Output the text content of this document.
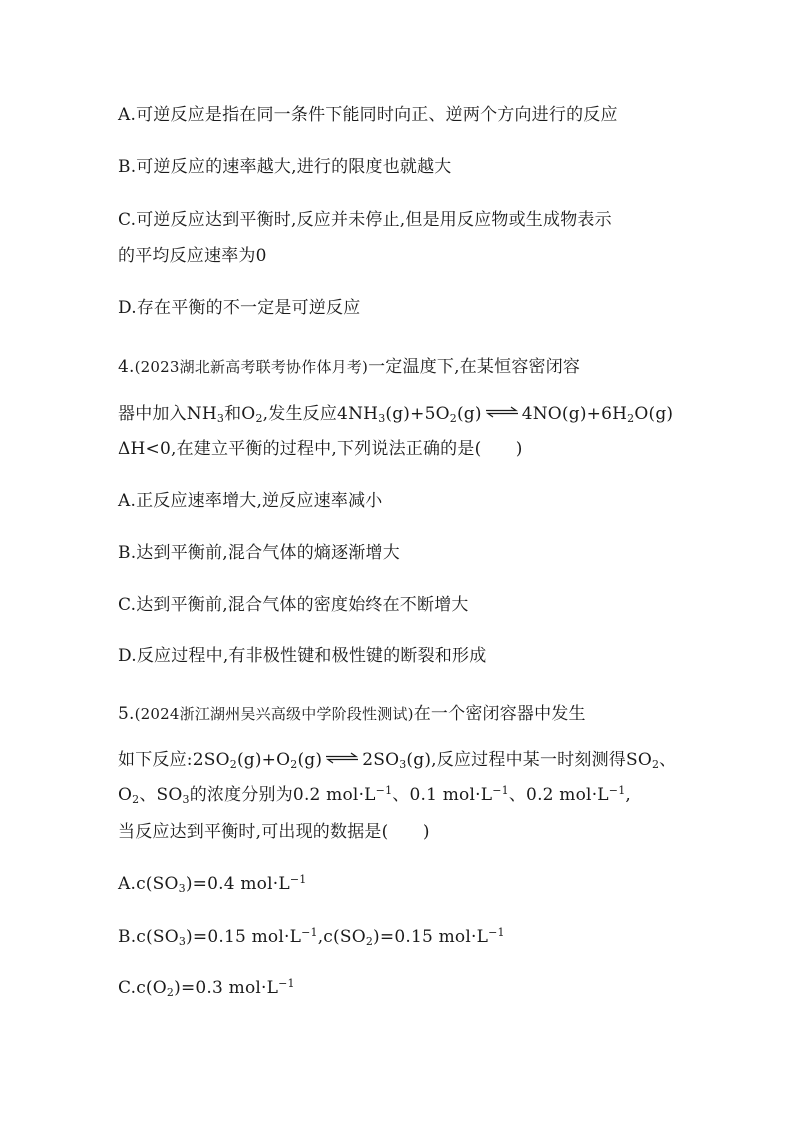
A.可逆反应是指在同一条件下能同时向正、逆两个方向进行的反应
B.可逆反应的速率越大,进行的限度也就越大
C.可逆反应达到平衡时,反应并未停止,但是用反应物或生成物表示
的平均反应速率为0
D.存在平衡的不一定是可逆反应
4.(2023湖北新高考联考协作体月考)一定温度下,在某恒容密闭容
器中加入$NH_3$和$O_2$,发生反应$4NH_3(g)+5O_2(g)$ ⇌ $4NO(g)+6H_2O(g)$
ΔH<0,在建立平衡的过程中,下列说法正确的是(　　)
A.正反应速率增大,逆反应速率减小
B.达到平衡前,混合气体的熵逐渐增大
C.达到平衡前,混合气体的密度始终在不断增大
D.反应过程中,有非极性键和极性键的断裂和形成
5.(2024浙江湖州吴兴高级中学阶段性测试)在一个密闭容器中发生
如下反应$:2SO_2(g)+O_2(g)$ ⇌ $2SO_3(g)$,反应过程中某一时刻测得$SO_2$、
$O_2$、$SO_3$的浓度分别为0.2 $mol\cdot L^{-1}$、0.1 $mol\cdot L^{-1}$、0.2 $mol\cdot L^{-1}$,
当反应达到平衡时,可出现的数据是(　　)
$A.c(SO_3)=0.4$ $mol\cdot L^{-1}$
$B.c(SO_3)=0.15$ $mol\cdot L^{-1},c(SO_2)=0.15$ $mol\cdot L^{-1}$
$C.c(O_2)=0.3$ $mol\cdot L^{-1}$
